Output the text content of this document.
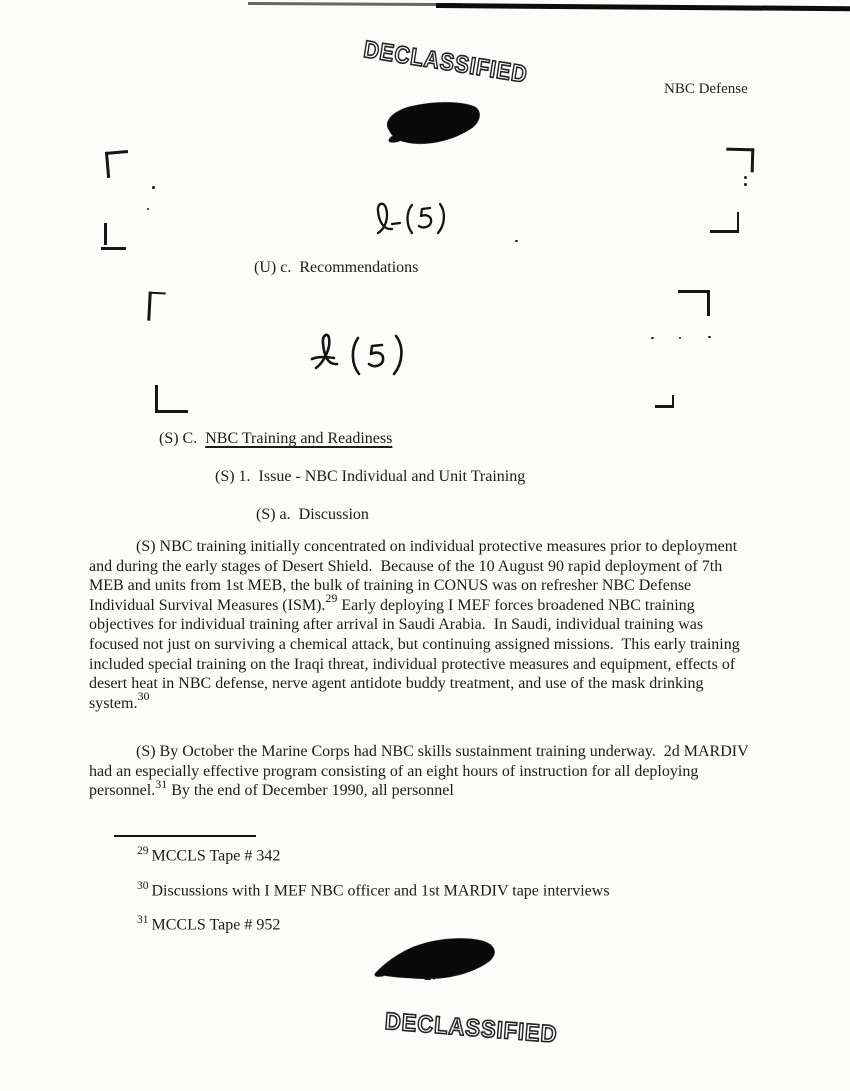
DECLASSIFIED
NBC Defense
(U) c.  Recommendations
(S) C.  NBC Training and Readiness
(S) 1.  Issue - NBC Individual and Unit Training
(S) a.  Discussion
(S) NBC training initially concentrated on individual protective measures prior to deployment and during the early stages of Desert Shield.  Because of the 10 August 90 rapid deployment of 7th MEB and units from 1st MEB, the bulk of training in CONUS was on refresher NBC Defense Individual Survival Measures (ISM).$^{29}$ Early deploying I MEF forces broadened NBC training objectives for individual training after arrival in Saudi Arabia.  In Saudi, individual training was focused not just on surviving a chemical attack, but continuing assigned missions.  This early training included special training on the Iraqi threat, individual protective measures and equipment, effects of desert heat in NBC defense, nerve agent antidote buddy treatment, and use of the mask drinking system.$^{30}$
(S) By October the Marine Corps had NBC skills sustainment training underway.  2d MARDIV had an especially effective program consisting of an eight hours of instruction for all deploying personnel.$^{31}$ By the end of December 1990, all personnel
$^{29}$ MCCLS Tape # 342
$^{30}$ Discussions with I MEF NBC officer and 1st MARDIV tape interviews
$^{31}$ MCCLS Tape # 952
DECLASSIFIED
